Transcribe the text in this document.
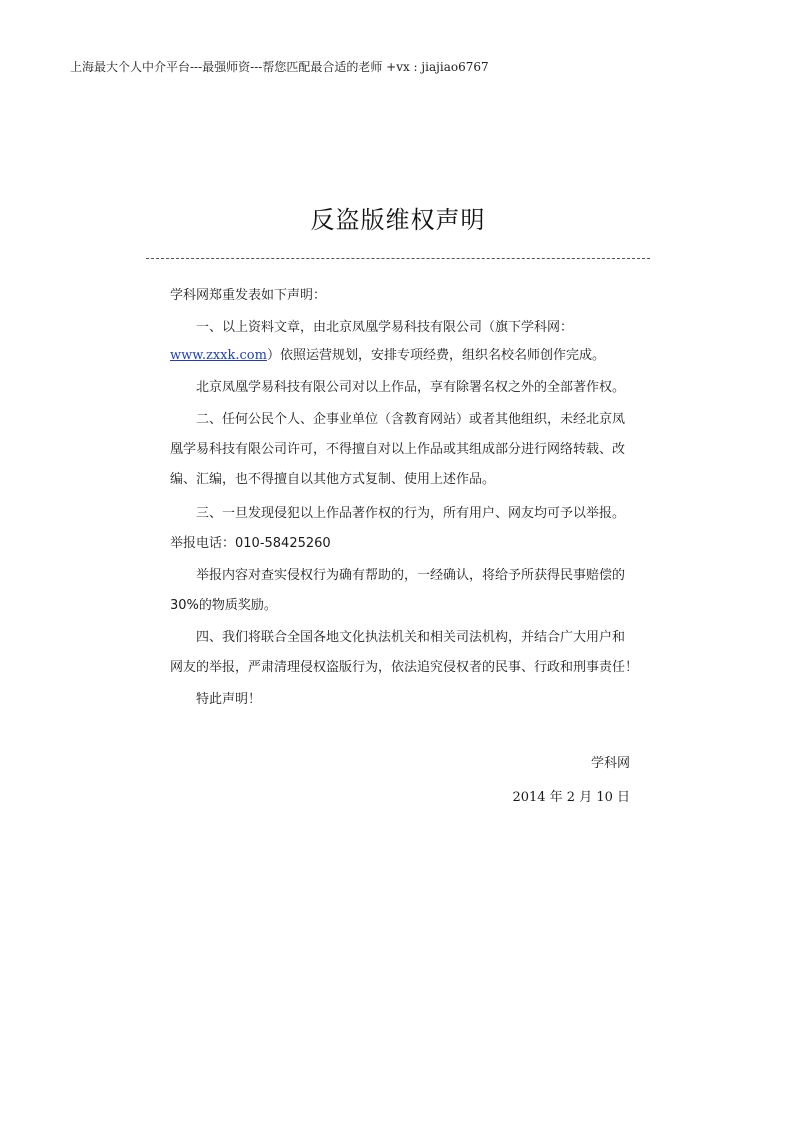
上海最大个人中介平台---最强师资---帮您匹配最合适的老师 +vx : jiajiao6767
反盗版维权声明
学科网郑重发表如下声明：
一、以上资料文章，由北京凤凰学易科技有限公司（旗下学科网：
www.zxxk.com）依照运营规划，安排专项经费，组织名校名师创作完成。
北京凤凰学易科技有限公司对以上作品，享有除署名权之外的全部著作权。
二、任何公民个人、企事业单位（含教育网站）或者其他组织，未经北京凤
凰学易科技有限公司许可，不得擅自对以上作品或其组成部分进行网络转载、改
编、汇编，也不得擅自以其他方式复制、使用上述作品。
三、一旦发现侵犯以上作品著作权的行为，所有用户、网友均可予以举报。
举报电话：010-58425260
举报内容对查实侵权行为确有帮助的，一经确认，将给予所获得民事赔偿的
30%的物质奖励。
四、我们将联合全国各地文化执法机关和相关司法机构，并结合广大用户和
网友的举报，严肃清理侵权盗版行为，依法追究侵权者的民事、行政和刑事责任！
特此声明！
学科网
2014 年 2 月 10 日
